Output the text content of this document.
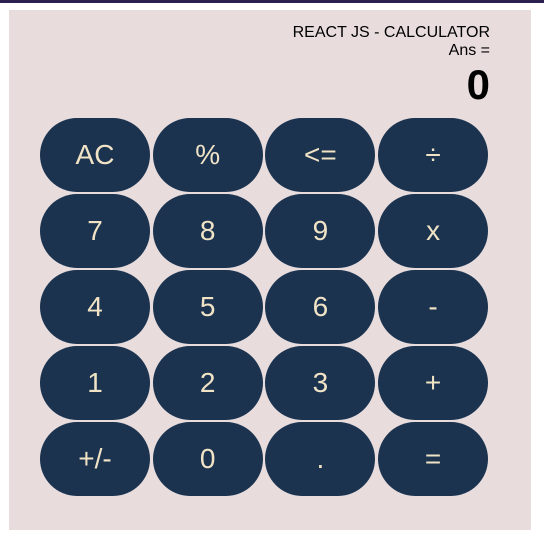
REACT JS - CALCULATOR
Ans =
0
AC	%	<=	÷
7	8	9	x
4	5	6	-
1	2	3	+
+/-	0	.	=
